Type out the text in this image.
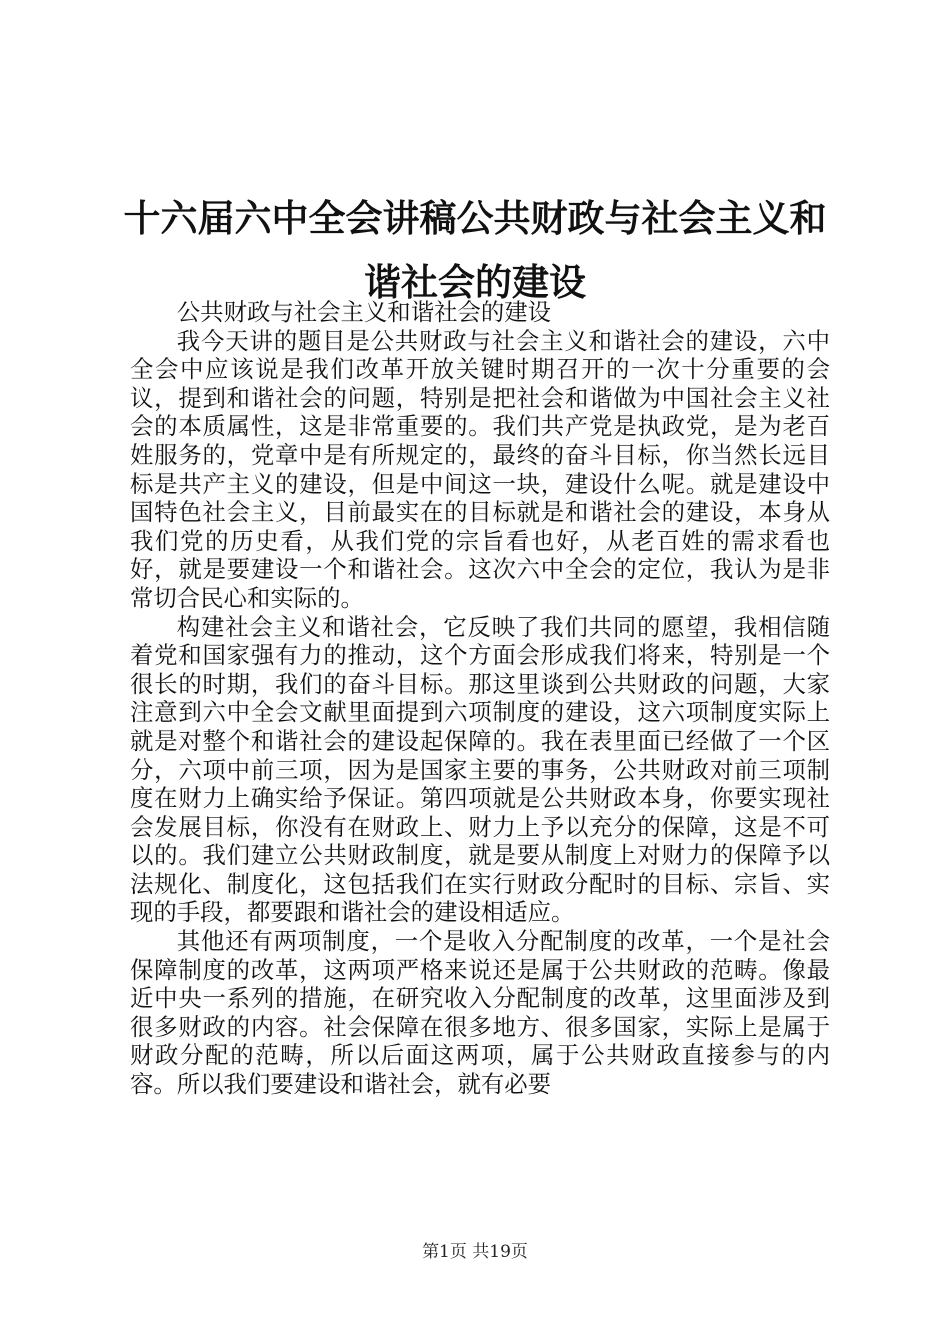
十六届六中全会讲稿公共财政与社会主义和谐社会的建设

公共财政与社会主义和谐社会的建设

我今天讲的题目是公共财政与社会主义和谐社会的建设，六中全会中应该说是我们改革开放关键时期召开的一次十分重要的会议，提到和谐社会的问题，特别是把社会和谐做为中国社会主义社会的本质属性，这是非常重要的。我们共产党是执政党，是为老百姓服务的，党章中是有所规定的，最终的奋斗目标，你当然长远目标是共产主义的建设，但是中间这一块，建设什么呢。就是建设中国特色社会主义，目前最实在的目标就是和谐社会的建设，本身从我们党的历史看，从我们党的宗旨看也好，从老百姓的需求看也好，就是要建设一个和谐社会。这次六中全会的定位，我认为是非常切合民心和实际的。

构建社会主义和谐社会，它反映了我们共同的愿望，我相信随着党和国家强有力的推动，这个方面会形成我们将来，特别是一个很长的时期，我们的奋斗目标。那这里谈到公共财政的问题，大家注意到六中全会文献里面提到六项制度的建设，这六项制度实际上就是对整个和谐社会的建设起保障的。我在表里面已经做了一个区分，六项中前三项，因为是国家主要的事务，公共财政对前三项制度在财力上确实给予保证。第四项就是公共财政本身，你要实现社会发展目标，你没有在财政上、财力上予以充分的保障，这是不可以的。我们建立公共财政制度，就是要从制度上对财力的保障予以法规化、制度化，这包括我们在实行财政分配时的目标、宗旨、实现的手段，都要跟和谐社会的建设相适应。

其他还有两项制度，一个是收入分配制度的改革，一个是社会保障制度的改革，这两项严格来说还是属于公共财政的范畴。像最近中央一系列的措施，在研究收入分配制度的改革，这里面涉及到很多财政的内容。社会保障在很多地方、很多国家，实际上是属于财政分配的范畴，所以后面这两项，属于公共财政直接参与的内容。所以我们要建设和谐社会，就有必要

第1页 共19页
